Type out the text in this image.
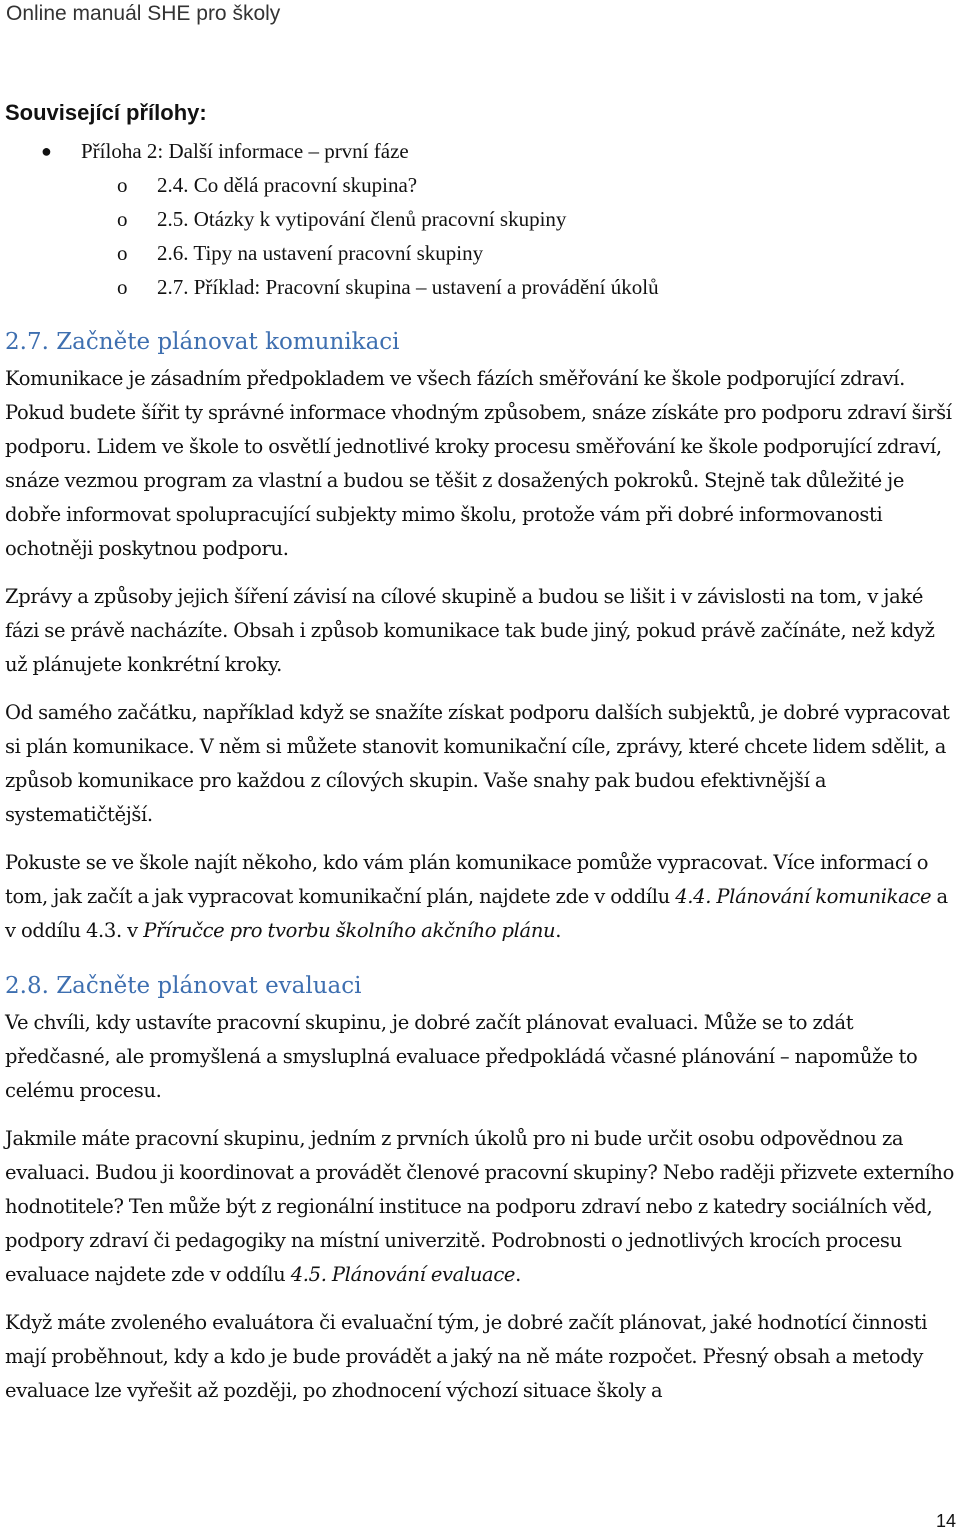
Online manuál SHE pro školy
Související přílohy:
● Příloha 2: Další informace – první fáze
o 2.4. Co dělá pracovní skupina?
o 2.5. Otázky k vytipování členů pracovní skupiny
o 2.6. Tipy na ustavení pracovní skupiny
o 2.7. Příklad: Pracovní skupina – ustavení a provádění úkolů
2.7. Začněte plánovat komunikaci

Komunikace je zásadním předpokladem ve všech fázích směřování ke škole podporující zdraví. Pokud budete šířit ty správné informace vhodným způsobem, snáze získáte pro podporu zdraví širší podporu. Lidem ve škole to osvětlí jednotlivé kroky procesu směřování ke škole podporující zdraví, snáze vezmou program za vlastní a budou se těšit z dosažených pokroků. Stejně tak důležité je dobře informovat spolupracující subjekty mimo školu, protože vám při dobré informovanosti ochotněji poskytnou podporu.

Zprávy a způsoby jejich šíření závisí na cílové skupině a budou se lišit i v závislosti na tom, v jaké fázi se právě nacházíte. Obsah i způsob komunikace tak bude jiný, pokud právě začínáte, než když už plánujete konkrétní kroky.

Od samého začátku, například když se snažíte získat podporu dalších subjektů, je dobré vypracovat si plán komunikace. V něm si můžete stanovit komunikační cíle, zprávy, které chcete lidem sdělit, a způsob komunikace pro každou z cílových skupin. Vaše snahy pak budou efektivnější a systematičtější.

Pokuste se ve škole najít někoho, kdo vám plán komunikace pomůže vypracovat. Více informací o tom, jak začít a jak vypracovat komunikační plán, najdete zde v oddílu 4.4. Plánování komunikace a v oddílu 4.3. v Příručce pro tvorbu školního akčního plánu.

2.8. Začněte plánovat evaluaci

Ve chvíli, kdy ustavíte pracovní skupinu, je dobré začít plánovat evaluaci. Může se to zdát předčasné, ale promyšlená a smysluplná evaluace předpokládá včasné plánování – napomůže to celému procesu.

Jakmile máte pracovní skupinu, jedním z prvních úkolů pro ni bude určit osobu odpovědnou za evaluaci. Budou ji koordinovat a provádět členové pracovní skupiny? Nebo raději přizvete externího hodnotitele? Ten může být z regionální instituce na podporu zdraví nebo z katedry sociálních věd, podpory zdraví či pedagogiky na místní univerzitě. Podrobnosti o jednotlivých krocích procesu evaluace najdete zde v oddílu 4.5. Plánování evaluace.

Když máte zvoleného evaluátora či evaluační tým, je dobré začít plánovat, jaké hodnotící činnosti mají proběhnout, kdy a kdo je bude provádět a jaký na ně máte rozpočet. Přesný obsah a metody evaluace lze vyřešit až později, po zhodnocení výchozí situace školy a

14
